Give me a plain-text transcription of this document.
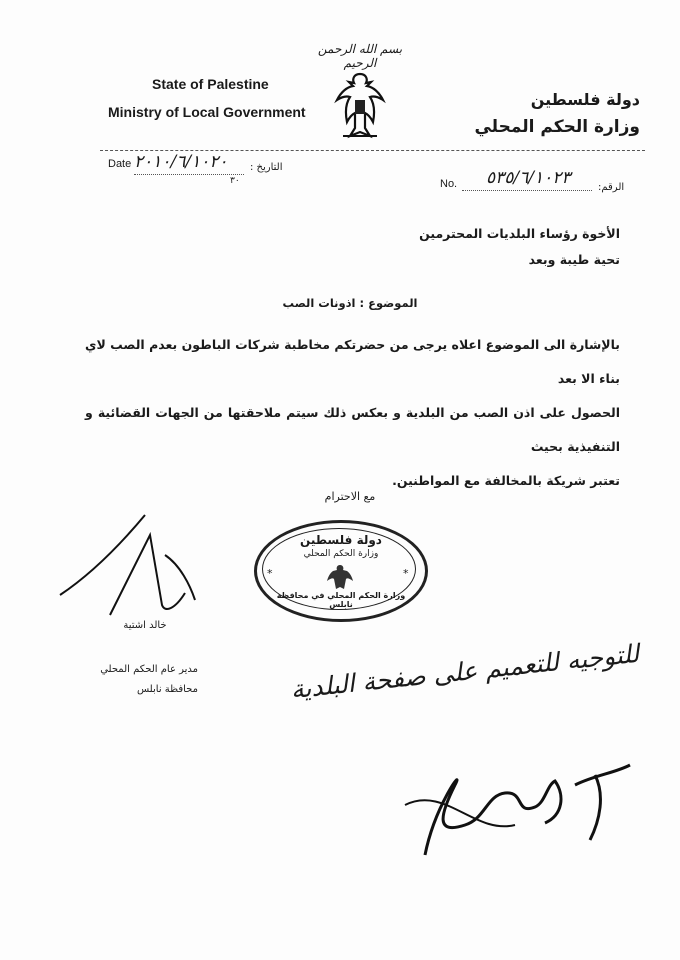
بسم الله الرحمن الرحيم
State of Palestine
Ministry of Local Government
دولة فلسطين
وزارة الحكم المحلي
Date ٢٠١٠/٦/١٠٢٠ التاريخ :
٣٠	No. ٥٣٥/٦/١٠٢٣	الرقم:
الأخوة رؤساء البلديات المحترمين
تحية طيبة وبعد
الموضوع : اذونات الصب
بالإشارة الى الموضوع اعلاه يرجى من حضرتكم مخاطبة شركات الباطون بعدم الصب لاي بناء الا بعد
الحصول على اذن الصب من البلدية و بعكس ذلك سيتم ملاحقتها من الجهات القضائية و التنفيذية بحيث
تعتبر شريكة بالمخالفة مع المواطنين.
مع الاحترام
دولة فلسطين
وزارة الحكم المحلي
*	*
وزارة الحكم المحلي في محافظة نابلس
خالد اشتية
مدير عام الحكم المحلي
محافظة نابلس	للتوجيه للتعميم على صفحة البلدية
